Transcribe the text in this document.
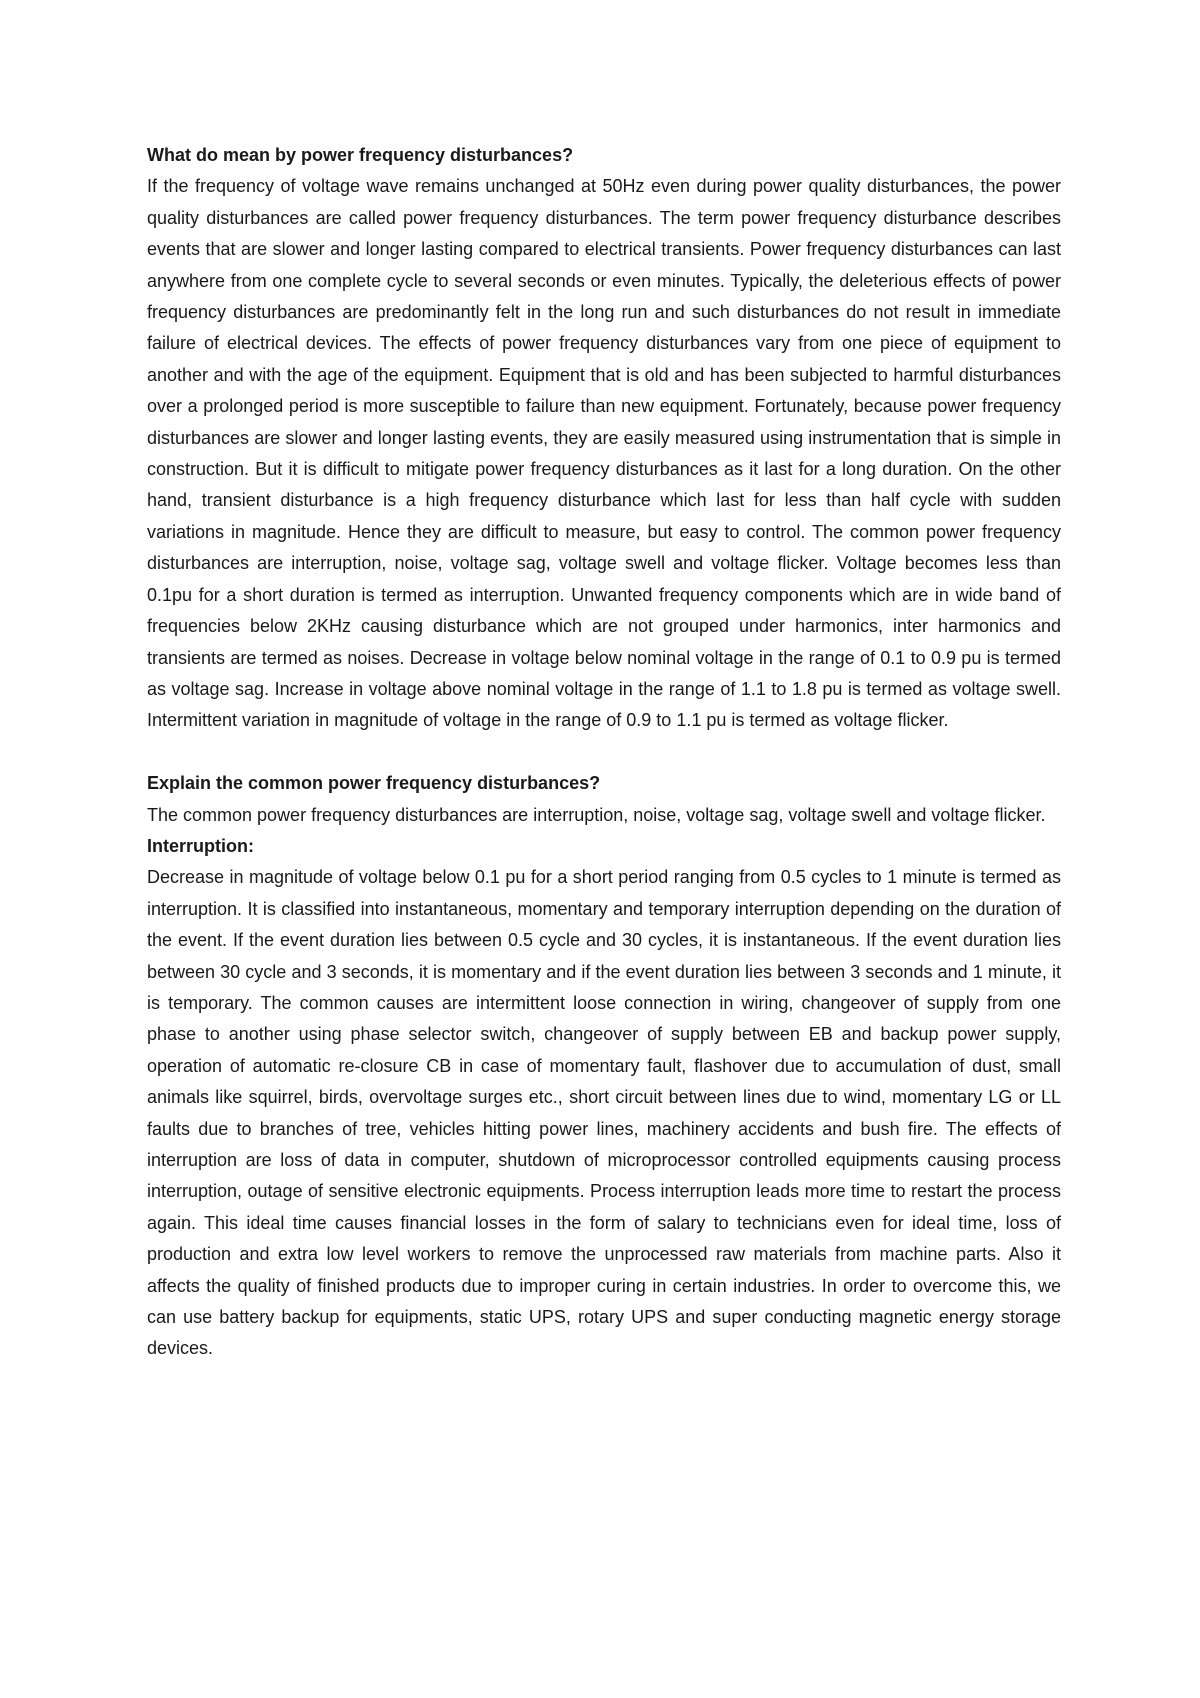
What do mean by power frequency disturbances?

If the frequency of voltage wave remains unchanged at 50Hz even during power quality disturbances, the power quality disturbances are called power frequency disturbances. The term power frequency disturbance describes events that are slower and longer lasting compared to electrical transients. Power frequency disturbances can last anywhere from one complete cycle to several seconds or even minutes. Typically, the deleterious effects of power frequency disturbances are predominantly felt in the long run and such disturbances do not result in immediate failure of electrical devices. The effects of power frequency disturbances vary from one piece of equipment to another and with the age of the equipment. Equipment that is old and has been subjected to harmful disturbances over a prolonged period is more susceptible to failure than new equipment. Fortunately, because power frequency disturbances are slower and longer lasting events, they are easily measured using instrumentation that is simple in construction. But it is difficult to mitigate power frequency disturbances as it last for a long duration. On the other hand, transient disturbance is a high frequency disturbance which last for less than half cycle with sudden variations in magnitude. Hence they are difficult to measure, but easy to control. The common power frequency disturbances are interruption, noise, voltage sag, voltage swell and voltage flicker. Voltage becomes less than 0.1pu for a short duration is termed as interruption. Unwanted frequency components which are in wide band of frequencies below 2KHz causing disturbance which are not grouped under harmonics, inter harmonics and transients are termed as noises. Decrease in voltage below nominal voltage in the range of 0.1 to 0.9 pu is termed as voltage sag. Increase in voltage above nominal voltage in the range of 1.1 to 1.8 pu is termed as voltage swell. Intermittent variation in magnitude of voltage in the range of 0.9 to 1.1 pu is termed as voltage flicker.

Explain the common power frequency disturbances?

The common power frequency disturbances are interruption, noise, voltage sag, voltage swell and voltage flicker.

Interruption:

Decrease in magnitude of voltage below 0.1 pu for a short period ranging from 0.5 cycles to 1 minute is termed as interruption. It is classified into instantaneous, momentary and temporary interruption depending on the duration of the event. If the event duration lies between 0.5 cycle and 30 cycles, it is instantaneous. If the event duration lies between 30 cycle and 3 seconds, it is momentary and if the event duration lies between 3 seconds and 1 minute, it is temporary. The common causes are intermittent loose connection in wiring, changeover of supply from one phase to another using phase selector switch, changeover of supply between EB and backup power supply, operation of automatic re-closure CB in case of momentary fault, flashover due to accumulation of dust, small animals like squirrel, birds, overvoltage surges etc., short circuit between lines due to wind, momentary LG or LL faults due to branches of tree, vehicles hitting power lines, machinery accidents and bush fire. The effects of interruption are loss of data in computer, shutdown of microprocessor controlled equipments causing process interruption, outage of sensitive electronic equipments. Process interruption leads more time to restart the process again. This ideal time causes financial losses in the form of salary to technicians even for ideal time, loss of production and extra low level workers to remove the unprocessed raw materials from machine parts. Also it affects the quality of finished products due to improper curing in certain industries. In order to overcome this, we can use battery backup for equipments, static UPS, rotary UPS and super conducting magnetic energy storage devices.
